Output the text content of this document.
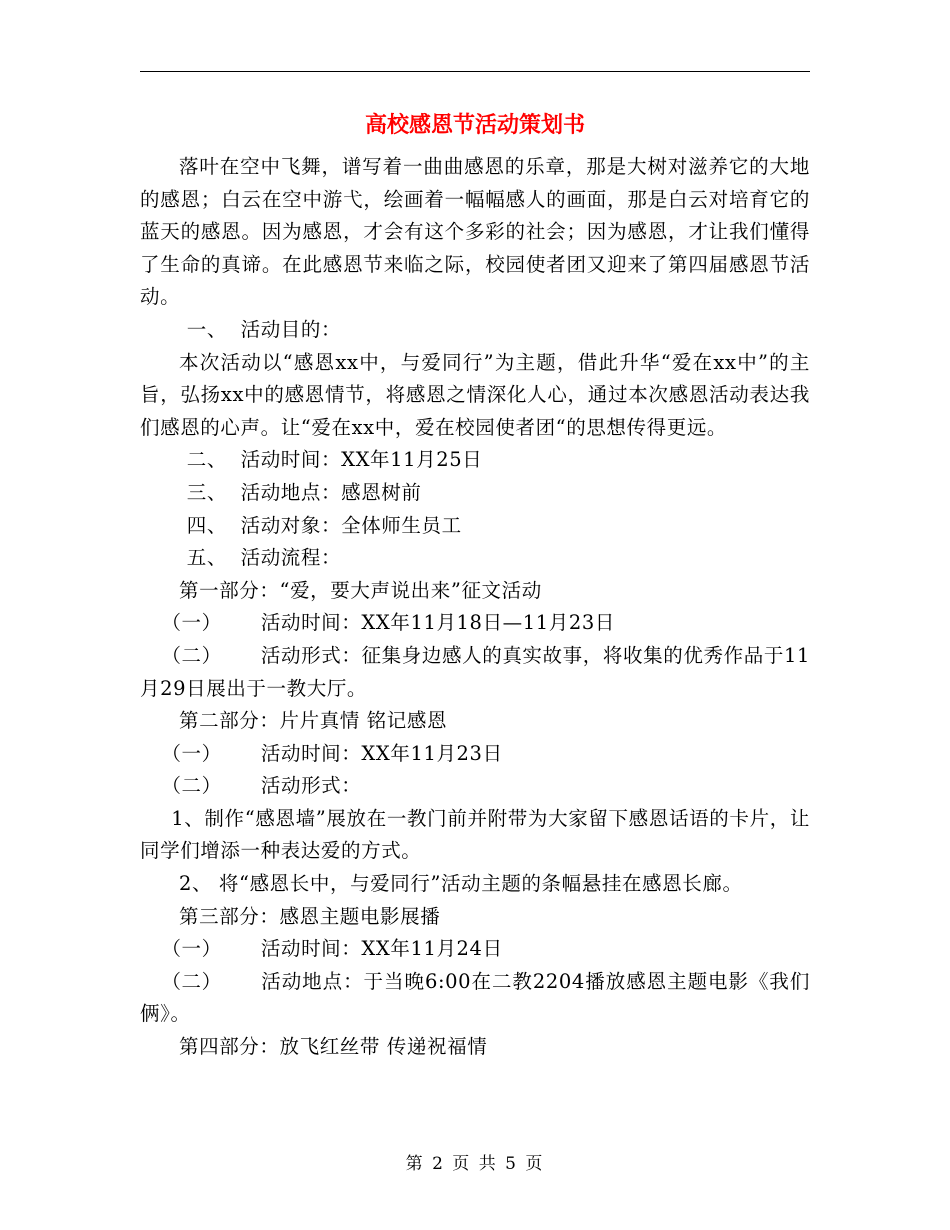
高校感恩节活动策划书

落叶在空中飞舞，谱写着一曲曲感恩的乐章，那是大树对滋养它的大地的感恩；白云在空中游弋，绘画着一幅幅感人的画面，那是白云对培育它的蓝天的感恩。因为感恩，才会有这个多彩的社会；因为感恩，才让我们懂得了生命的真谛。在此感恩节来临之际，校园使者团又迎来了第四届感恩节活动。

一、  活动目的：

本次活动以“感恩xx中，与爱同行”为主题，借此升华“爱在xx中”的主旨，弘扬xx中的感恩情节，将感恩之情深化人心，通过本次感恩活动表达我们感恩的心声。让“爱在xx中，爱在校园使者团“的思想传得更远。

二、  活动时间：XX年11月25日

三、  活动地点：感恩树前

四、  活动对象：全体师生员工

五、  活动流程：

第一部分：“爱，要大声说出来”征文活动

（一） 活动时间：XX年11月18日—11月23日

（二） 活动形式：征集身边感人的真实故事，将收集的优秀作品于11月29日展出于一教大厅。

第二部分：片片真情 铭记感恩

（一） 活动时间：XX年11月23日

（二） 活动形式：

1、制作“感恩墙”展放在一教门前并附带为大家留下感恩话语的卡片，让同学们增添一种表达爱的方式。

2、 将“感恩长中，与爱同行”活动主题的条幅悬挂在感恩长廊。

第三部分：感恩主题电影展播

（一） 活动时间：XX年11月24日

（二） 活动地点：于当晚6:00在二教2204播放感恩主题电影《我们俩》。

第四部分：放飞红丝带 传递祝福情

第 2 页 共 5 页
